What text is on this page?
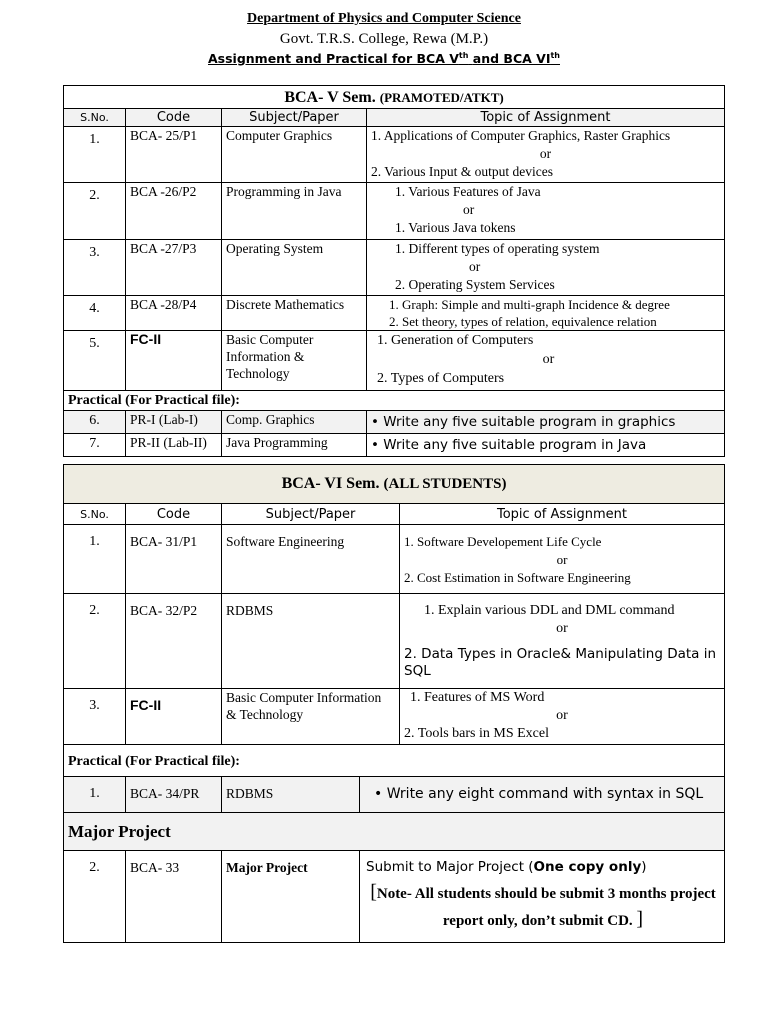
Department of Physics and Computer Science
Govt. T.R.S. College, Rewa (M.P.)
Assignment and Practical for BCA Vth and BCA VIth
BCA- V Sem. (PRAMOTED/ATKT)			
S.No.	Code	Subject/Paper	Topic of Assignment
1.	BCA- 25/P1	Computer Graphics	1. Applications of Computer Graphics, Raster Graphics
or
2. Various Input & output devices

2.	BCA -26/P2	Programming in Java	1. Various Features of Java
or
1. Various Java tokens

3.	BCA -27/P3	Operating System	1. Different types of operating system
or
2. Operating System Services

4.	BCA -28/P4	Discrete Mathematics	1. Graph: Simple and multi-graph Incidence & degree
2. Set theory, types of relation, equivalence relation

5.	FC-II	Basic Computer Information & Technology	1. Generation of Computers
or
2. Types of Computers

Practical (For Practical file):			
6.	PR-I (Lab-I)	Comp. Graphics	• Write any five suitable program in graphics
7.	PR-II (Lab-II)	Java Programming	• Write any five suitable program in Java
BCA- VI Sem. (ALL STUDENTS)			
S.No.	Code	Subject/Paper	Topic of Assignment
1.	BCA- 31/P1	Software Engineering	1. Software Developement Life Cycle
or
2. Cost Estimation in Software Engineering

2.	BCA- 32/P2	RDBMS	1. Explain various DDL and DML command
or
2. Data Types in Oracle& Manipulating Data in SQL

3.	FC-II	Basic Computer Information & Technology	1. Features of MS Word
or
2. Tools bars in MS Excel

Practical (For Practical file):			
1.	BCA- 34/PR	RDBMS	• Write any eight command with syntax in SQL
Major Project			
2.	BCA- 33	Major Project	Submit to Major Project (One copy only)
[Note- All students should be submit 3 months project report only, don’t submit CD. ]
